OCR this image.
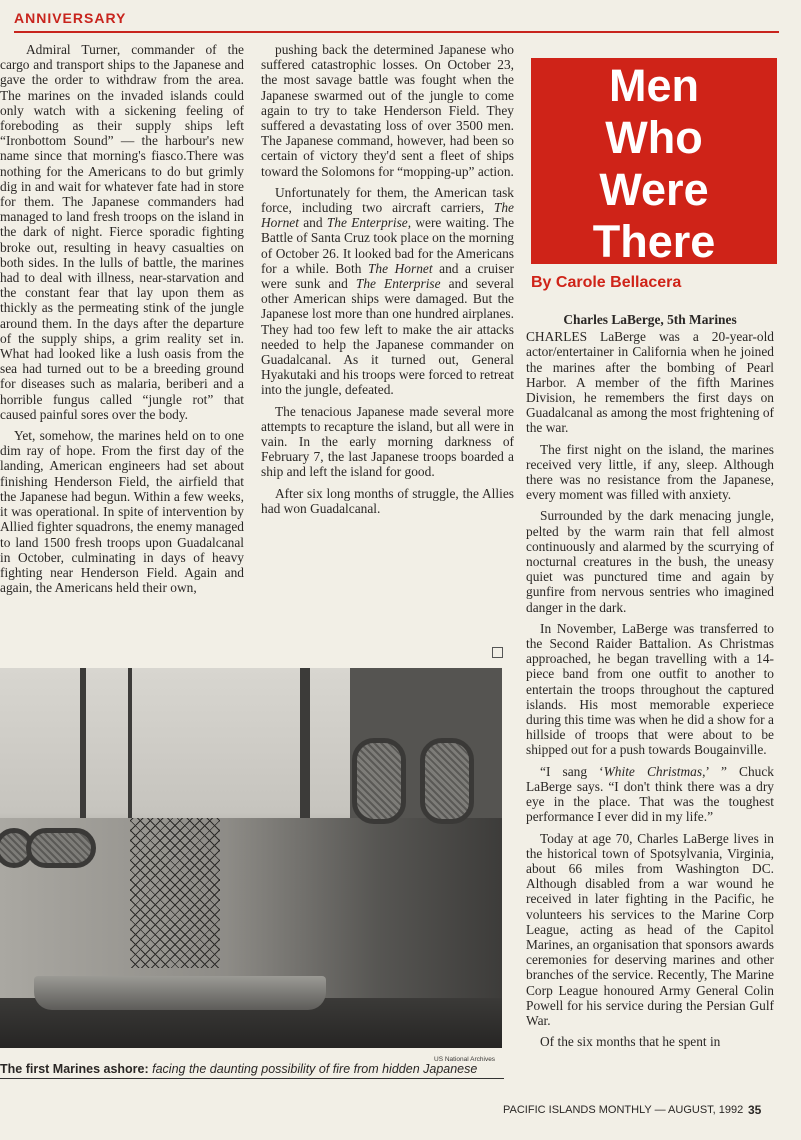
ANNIVERSARY

Admiral Turner, commander of the cargo and transport ships to the Japanese and gave the order to withdraw from the area. The marines on the invaded islands could only watch with a sickening feeling of foreboding as their supply ships left “Ironbottom Sound” — the harbour's new name since that morning's fiasco.There was nothing for the Americans to do but grimly dig in and wait for whatever fate had in store for them. The Japanese commanders had managed to land fresh troops on the island in the dark of night. Fierce sporadic fighting broke out, resulting in heavy casualties on both sides. In the lulls of battle, the marines had to deal with illness, near-starvation and the constant fear that lay upon them as thickly as the permeating stink of the jungle around them. In the days after the departure of the supply ships, a grim reality set in. What had looked like a lush oasis from the sea had turned out to be a breeding ground for diseases such as malaria, beriberi and a horrible fungus called “jungle rot” that caused painful sores over the body.

Yet, somehow, the marines held on to one dim ray of hope. From the first day of the landing, American engineers had set about finishing Henderson Field, the airfield that the Japanese had begun. Within a few weeks, it was operational. In spite of intervention by Allied fighter squadrons, the enemy managed to land 1500 fresh troops upon Guadalcanal in October, culminating in days of heavy fighting near Henderson Field. Again and again, the Americans held their own,

pushing back the determined Japanese who suffered catastrophic losses. On October 23, the most savage battle was fought when the Japanese swarmed out of the jungle to come again to try to take Henderson Field. They suffered a devastating loss of over 3500 men. The Japanese command, however, had been so certain of victory they'd sent a fleet of ships toward the Solomons for “mopping-up” action.

Unfortunately for them, the American task force, including two aircraft carriers, The Hornet and The Enterprise, were waiting. The Battle of Santa Cruz took place on the morning of October 26. It looked bad for the Americans for a while. Both The Hornet and a cruiser were sunk and The Enterprise and several other American ships were damaged. But the Japanese lost more than one hundred airplanes. They had too few left to make the air attacks needed to help the Japanese commander on Guadalcanal. As it turned out, General Hyakutaki and his troops were forced to retreat into the jungle, defeated.

The tenacious Japanese made several more attempts to recapture the island, but all were in vain. In the early morning darkness of February 7, the last Japanese troops boarded a ship and left the island for good.

After six long months of struggle, the Allies had won Guadalcanal.

Men
Who
Were
There
By Carole Bellacera

Charles LaBerge, 5th Marines

CHARLES LaBerge was a 20-year-old actor/entertainer in California when he joined the marines after the bombing of Pearl Harbor. A member of the fifth Marines Division, he remembers the first days on Guadalcanal as among the most frightening of the war.

The first night on the island, the marines received very little, if any, sleep. Although there was no resistance from the Japanese, every moment was filled with anxiety.

Surrounded by the dark menacing jungle, pelted by the warm rain that fell almost continuously and alarmed by the scurrying of nocturnal creatures in the bush, the uneasy quiet was punctured time and again by gunfire from nervous sentries who imagined danger in the dark.

In November, LaBerge was transferred to the Second Raider Battalion. As Christmas approached, he began travelling with a 14-piece band from one outfit to another to entertain the troops throughout the captured islands. His most memorable experiece during this time was when he did a show for a hillside of troops that were about to be shipped out for a push towards Bougainville.

“I sang ‘White Christmas,’ ” Chuck LaBerge says. “I don't think there was a dry eye in the place. That was the toughest performance I ever did in my life.”

Today at age 70, Charles LaBerge lives in the historical town of Spotsylvania, Virginia, about 66 miles from Washington DC. Although disabled from a war wound he received in later fighting in the Pacific, he volunteers his services to the Marine Corp League, acting as head of the Capitol Marines, an organisation that sponsors awards ceremonies for deserving marines and other branches of the service. Recently, The Marine Corp League honoured Army General Colin Powell for his service during the Persian Gulf War.

Of the six months that he spent in

US National Archives
The first Marines ashore: facing the daunting possibility of fire from hidden Japanese
PACIFIC ISLANDS MONTHLY — AUGUST, 1992 35
